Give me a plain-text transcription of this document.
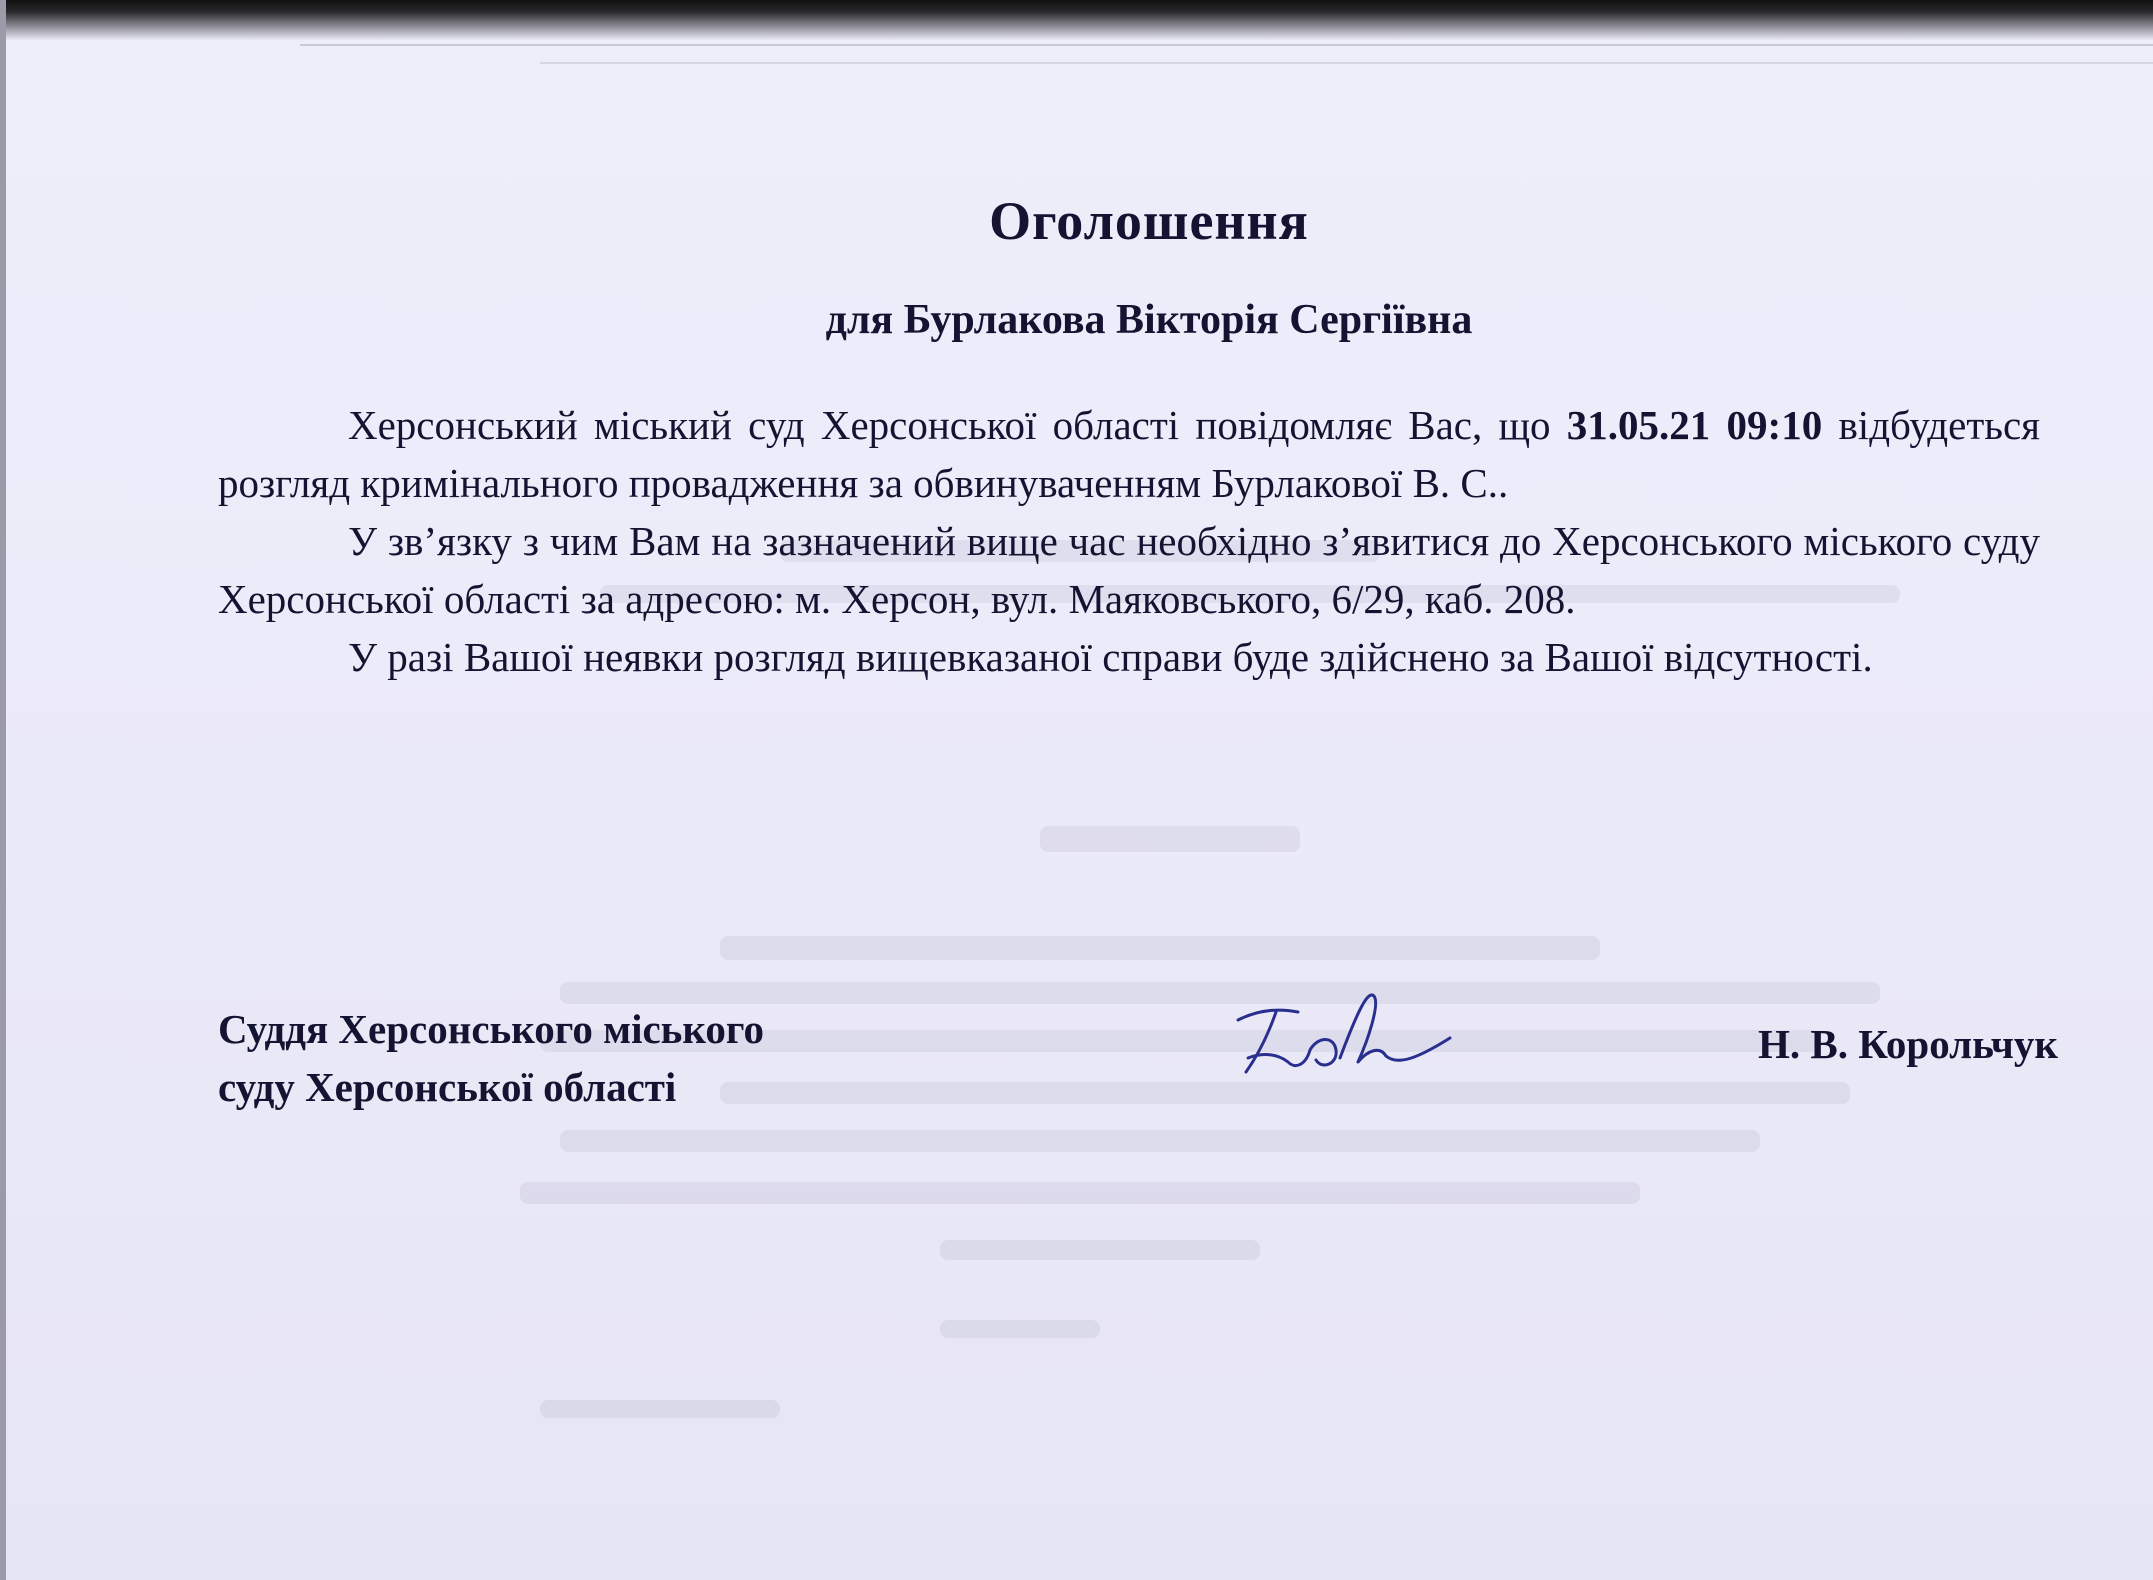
Оголошення
для Бурлакова Вікторія Сергіївна

Херсонський міський суд Херсонської області повідомляє Вас, що 31.05.21 09:10 відбудеться розгляд кримінального провадження за обвинуваченням Бурлакової В. С..

У зв’язку з чим Вам на зазначений вище час необхідно з’явитися до Херсонського міського суду Херсонської області за адресою: м. Херсон, вул. Маяковського, 6/29, каб. 208.

У разі Вашої неявки розгляд вищевказаної справи буде здійснено за Вашої відсутності.

Суддя Херсонського міського
суду Херсонської області
Н. В. Корольчук
